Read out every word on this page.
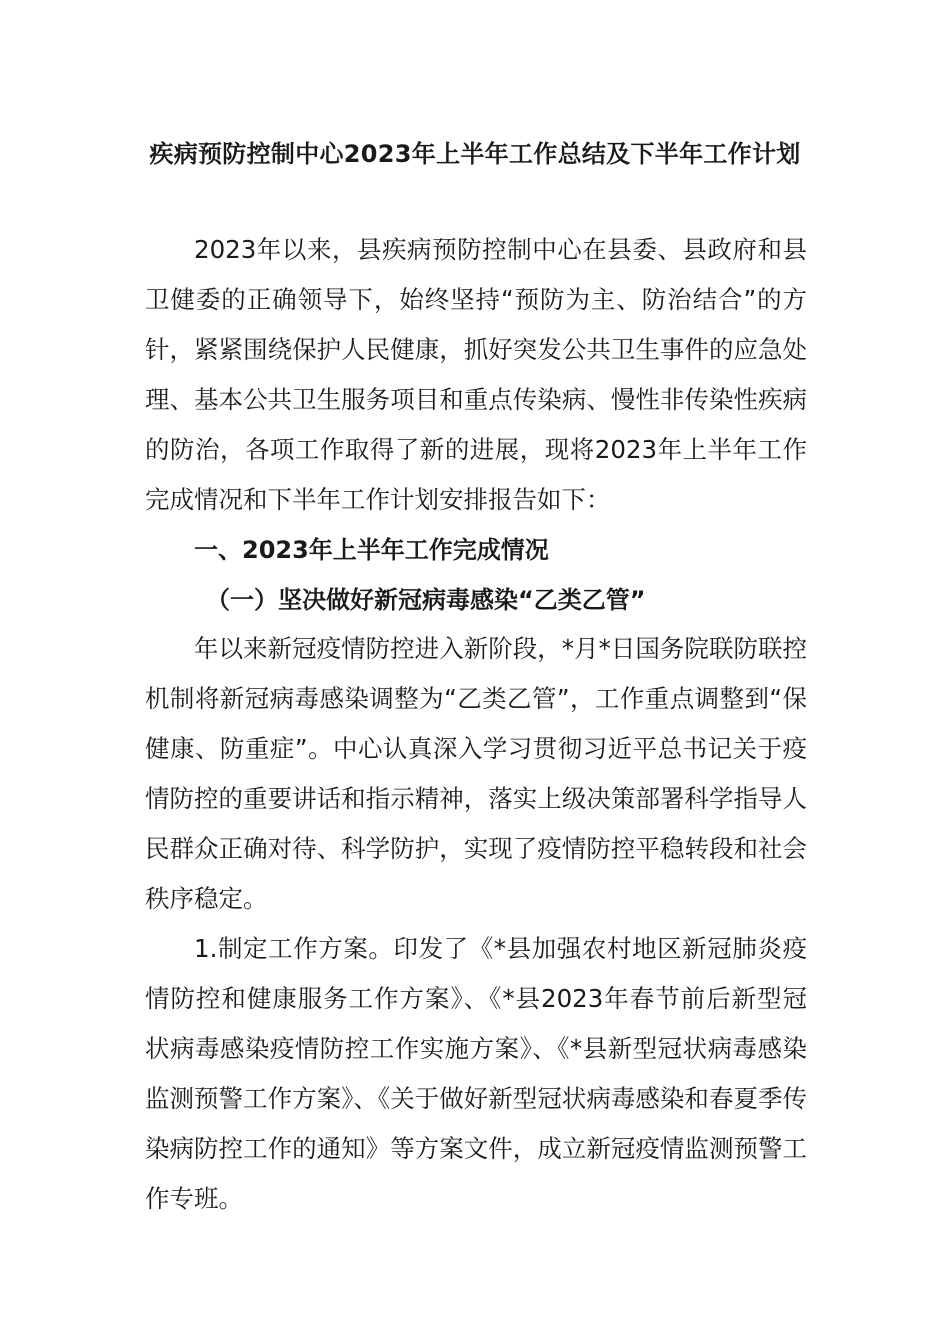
疾病预防控制中心2023年上半年工作总结及下半年工作计划

2023年以来，县疾病预防控制中心在县委、县政府和县卫健委的正确领导下，始终坚持“预防为主、防治结合”的方针，紧紧围绕保护人民健康，抓好突发公共卫生事件的应急处理、基本公共卫生服务项目和重点传染病、慢性非传染性疾病的防治，各项工作取得了新的进展，现将2023年上半年工作完成情况和下半年工作计划安排报告如下：

一、2023年上半年工作完成情况
（一）坚决做好新冠病毒感染“乙类乙管”

年以来新冠疫情防控进入新阶段，*月*日国务院联防联控机制将新冠病毒感染调整为“乙类乙管”，工作重点调整到“保健康、防重症”。中心认真深入学习贯彻习近平总书记关于疫情防控的重要讲话和指示精神，落实上级决策部署科学指导人民群众正确对待、科学防护，实现了疫情防控平稳转段和社会秩序稳定。

1.制定工作方案。印发了《*县加强农村地区新冠肺炎疫情防控和健康服务工作方案》、《*县2023年春节前后新型冠状病毒感染疫情防控工作实施方案》、《*县新型冠状病毒感染监测预警工作方案》、《关于做好新型冠状病毒感染和春夏季传染病防控工作的通知》等方案文件，成立新冠疫情监测预警工作专班。
